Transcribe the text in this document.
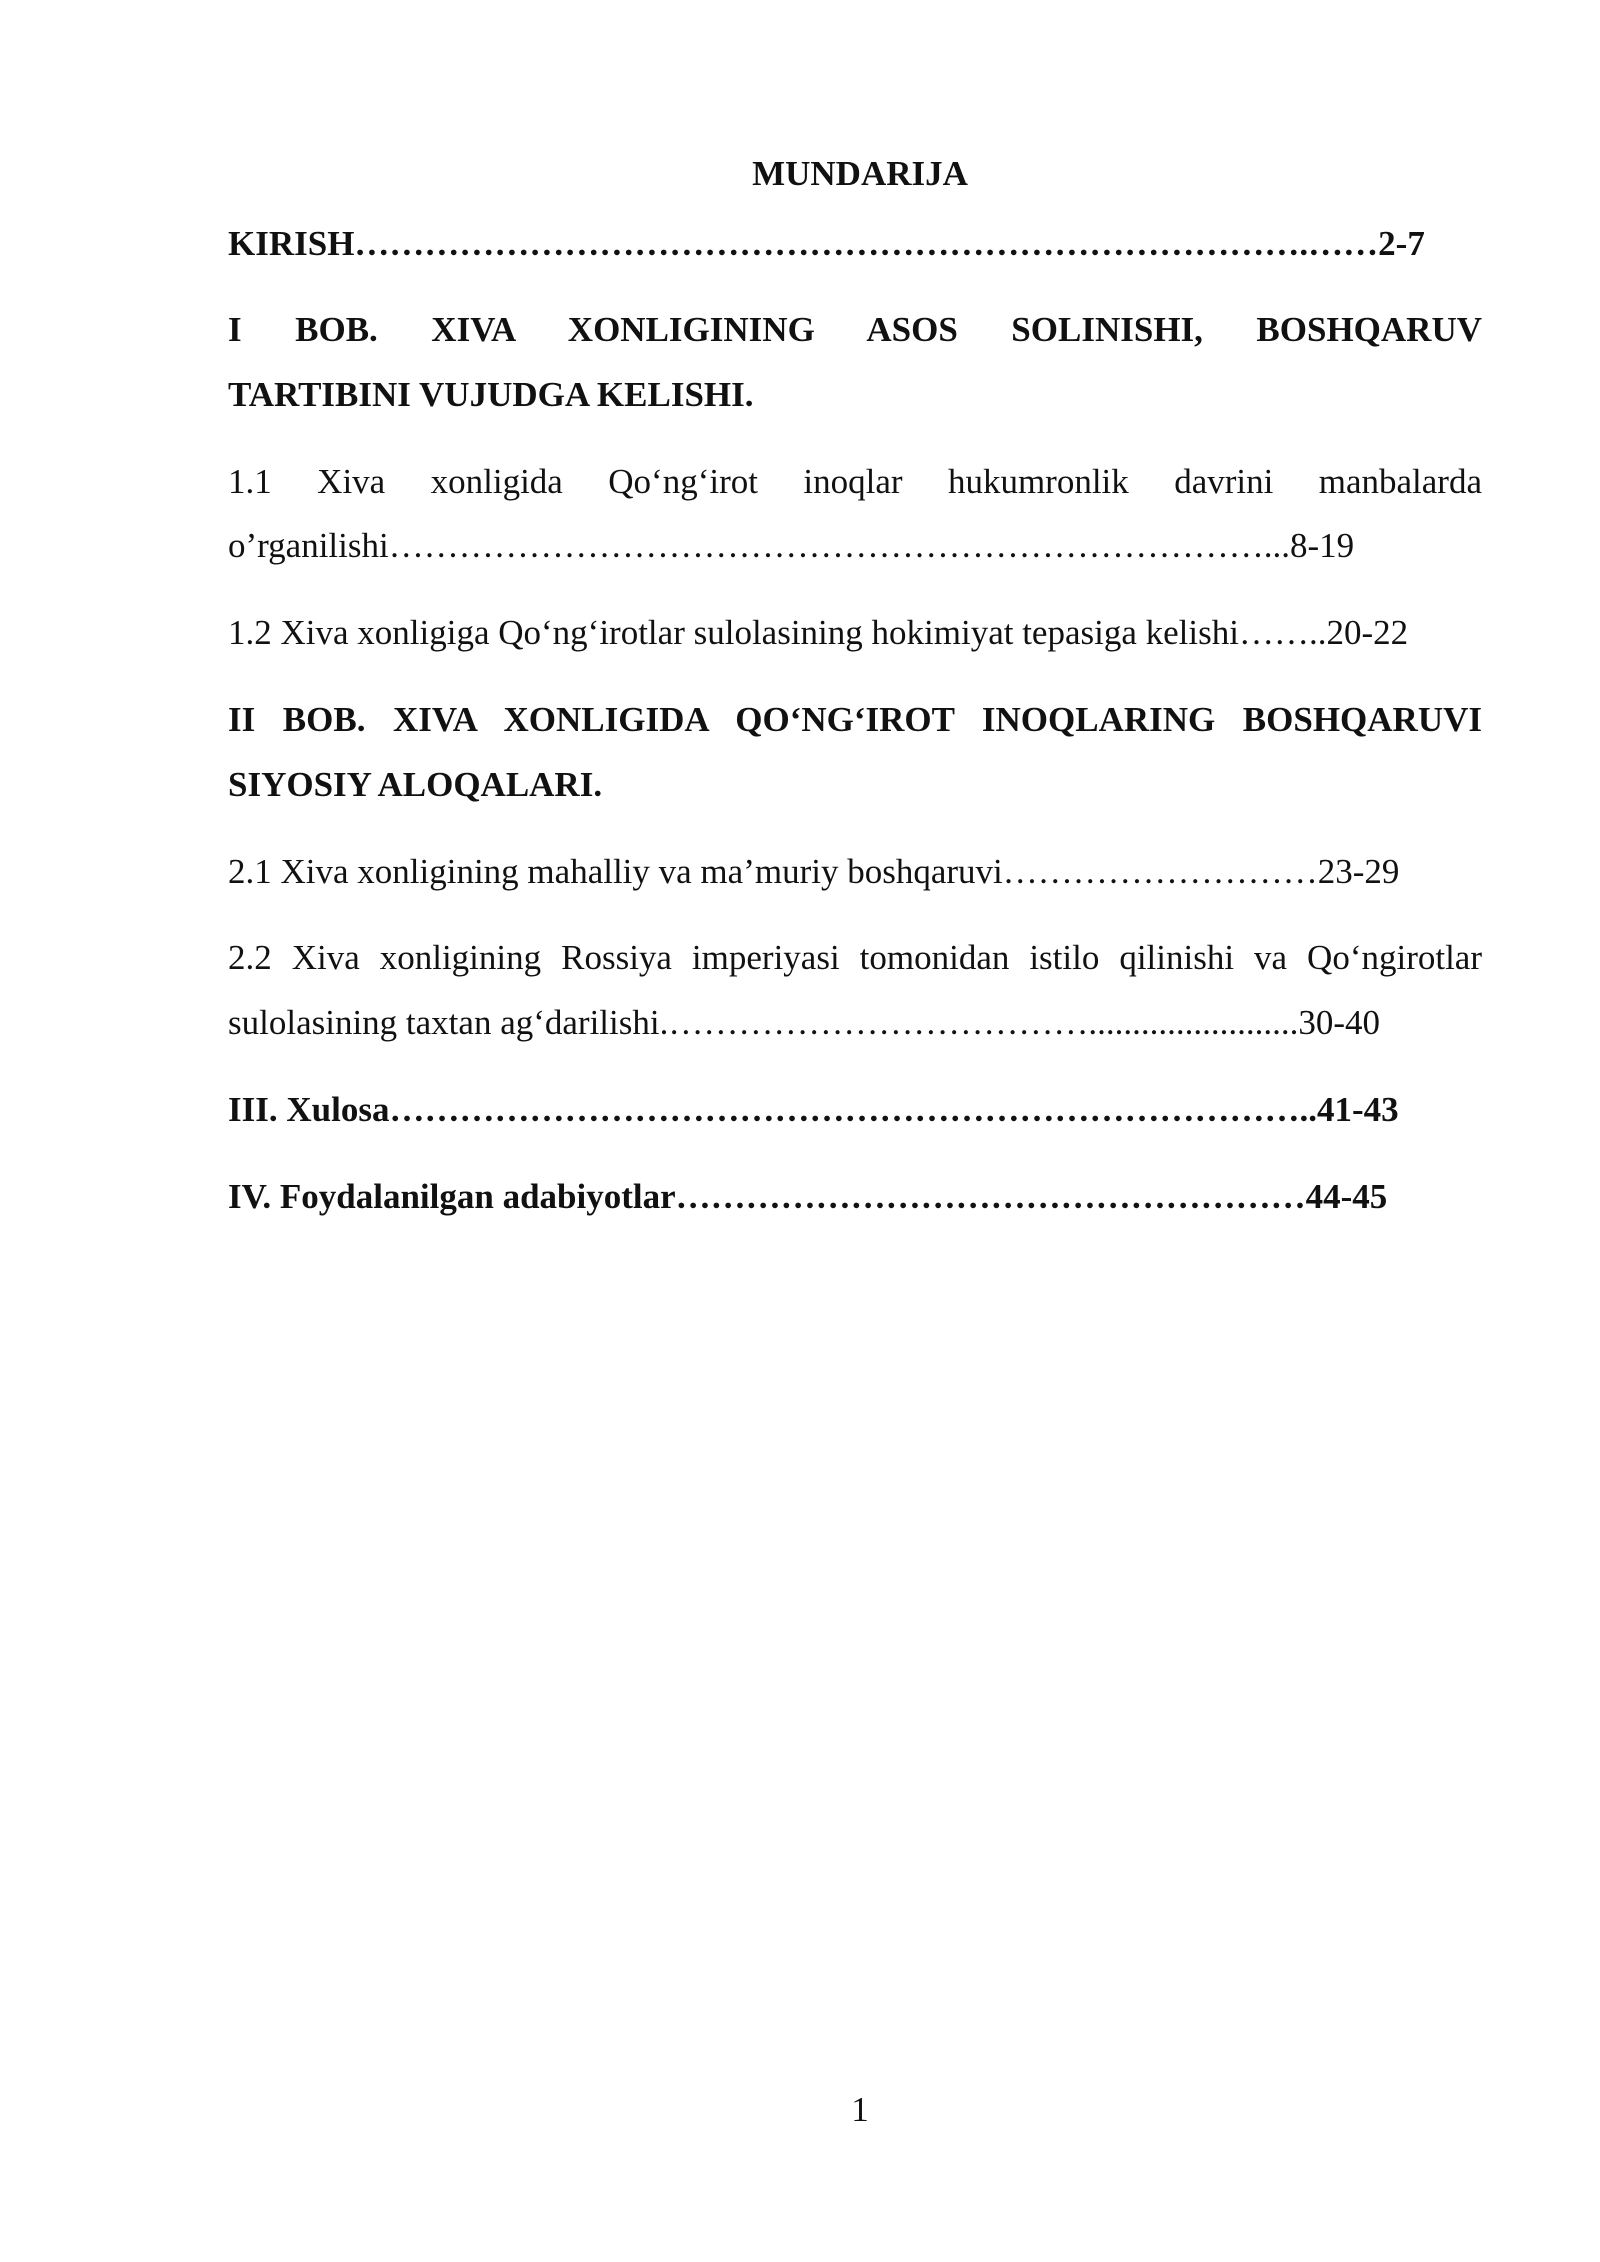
MUNDARIJA
KIRISH……………………………………………………………………….……2-7
I BOB. XIVA XONLIGINING ASOS SOLINISHI, BOSHQARUV
TARTIBINI VUJUDGA KELISHI.
1.1 Xiva xonligida Qo‘ng‘irot inoqlar hukumronlik davrini manbalarda
o’rganilishi…………………………………………………………………...8-19
1.2 Xiva xonligiga Qo‘ng‘irotlar sulolasining hokimiyat tepasiga kelishi……..20-22
II BOB. XIVA XONLIGIDA QO‘NG‘IROT INOQLARING BOSHQARUVI
SIYOSIY ALOQALARI.
2.1 Xiva xonligining mahalliy va ma’muriy boshqaruvi………………………23-29
2.2 Xiva xonligining Rossiya imperiyasi tomonidan istilo qilinishi va Qo‘ngirotlar
sulolasining taxtan ag‘darilishi.………………………………........................30-40
III. Xulosa……………………………………………………………………..41-43
IV. Foydalanilgan adabiyotlar………………………………………………44-45
1
